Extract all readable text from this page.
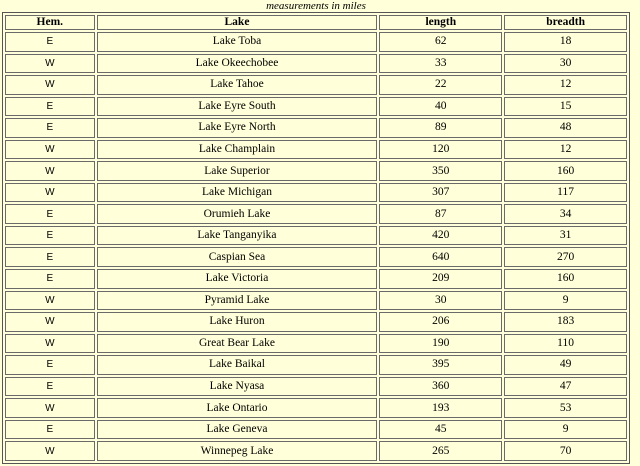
measurements in miles
Hem.	Lake	length	breadth
E	Lake Toba	62	18
W	Lake Okeechobee	33	30
W	Lake Tahoe	22	12
E	Lake Eyre South	40	15
E	Lake Eyre North	89	48
W	Lake Champlain	120	12
W	Lake Superior	350	160
W	Lake Michigan	307	117
E	Orumieh Lake	87	34
E	Lake Tanganyika	420	31
E	Caspian Sea	640	270
E	Lake Victoria	209	160
W	Pyramid Lake	30	9
W	Lake Huron	206	183
W	Great Bear Lake	190	110
E	Lake Baikal	395	49
E	Lake Nyasa	360	47
W	Lake Ontario	193	53
E	Lake Geneva	45	9
W	Winnepeg Lake	265	70
